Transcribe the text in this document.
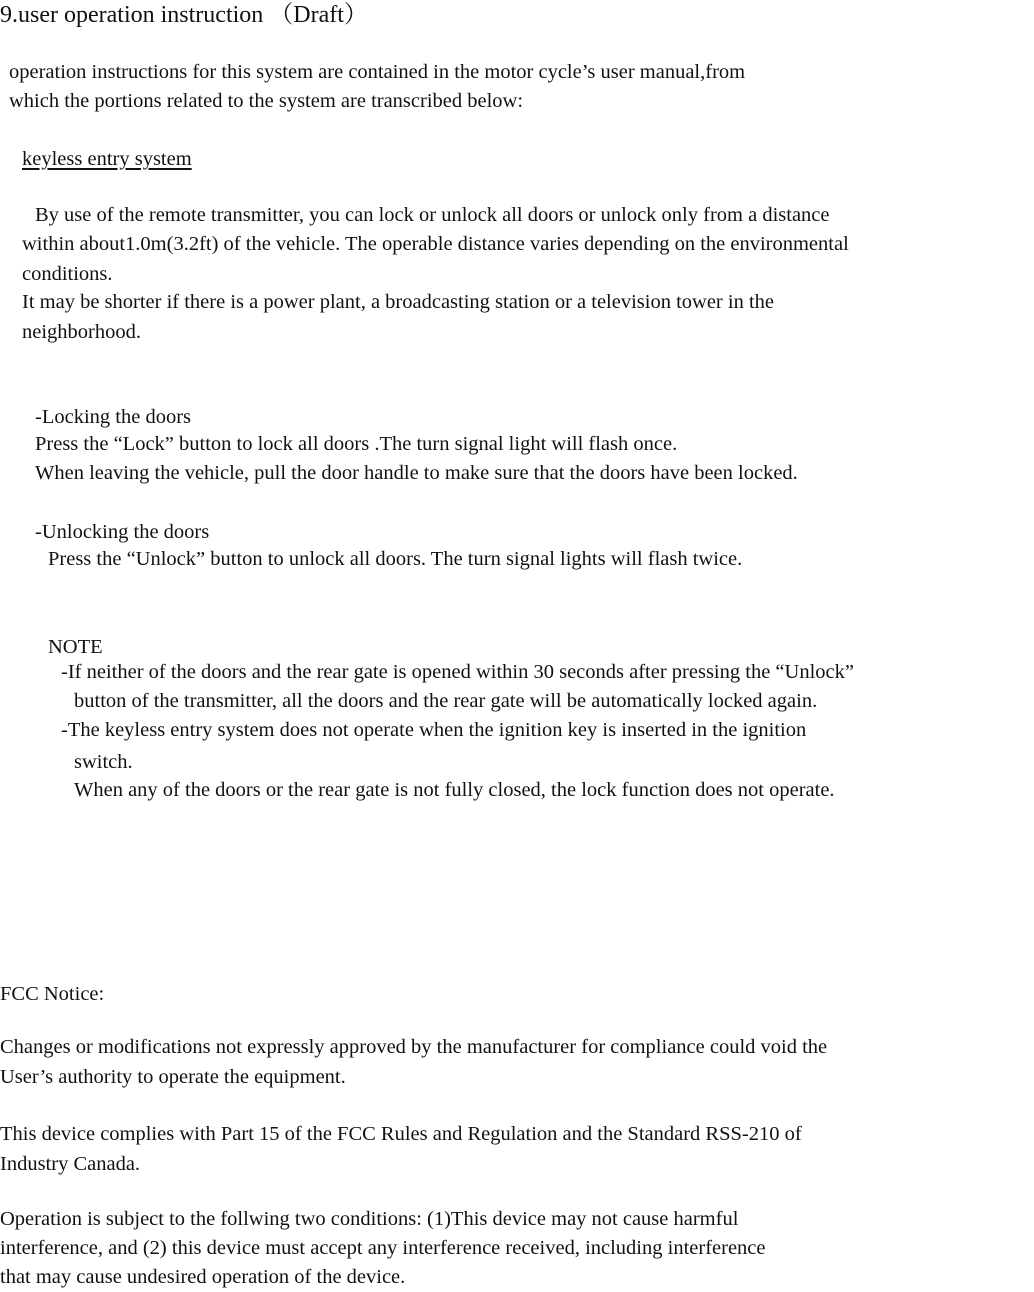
9.user operation instruction （Draft）
operation instructions for this system are contained in the motor cycle’s user manual,from
which the portions related to the system are transcribed below:
keyless entry system
By use of the remote transmitter, you can lock or unlock all doors or unlock only from a distance
within about1.0m(3.2ft) of the vehicle. The operable distance varies depending on the environmental
conditions.
It may be shorter if there is a power plant, a broadcasting station or a television tower in the
neighborhood.
-Locking the doors
Press the “Lock” button to lock all doors .The turn signal light will flash once.
When leaving the vehicle, pull the door handle to make sure that the doors have been locked.
-Unlocking the doors
Press the “Unlock” button to unlock all doors. The turn signal lights will flash twice.
NOTE
-If neither of the doors and the rear gate is opened within 30 seconds after pressing the “Unlock”
button of the transmitter, all the doors and the rear gate will be automatically locked again.
-The keyless entry system does not operate when the ignition key is inserted in the ignition
switch.
When any of the doors or the rear gate is not fully closed, the lock function does not operate.
FCC Notice:
Changes or modifications not expressly approved by the manufacturer for compliance could void the
User’s authority to operate the equipment.
This device complies with Part 15 of the FCC Rules and Regulation and the Standard RSS-210 of
Industry Canada.
Operation is subject to the follwing two conditions: (1)This device may not cause harmful
interference, and (2) this device must accept any interference received, including interference
that may cause undesired operation of the device.
